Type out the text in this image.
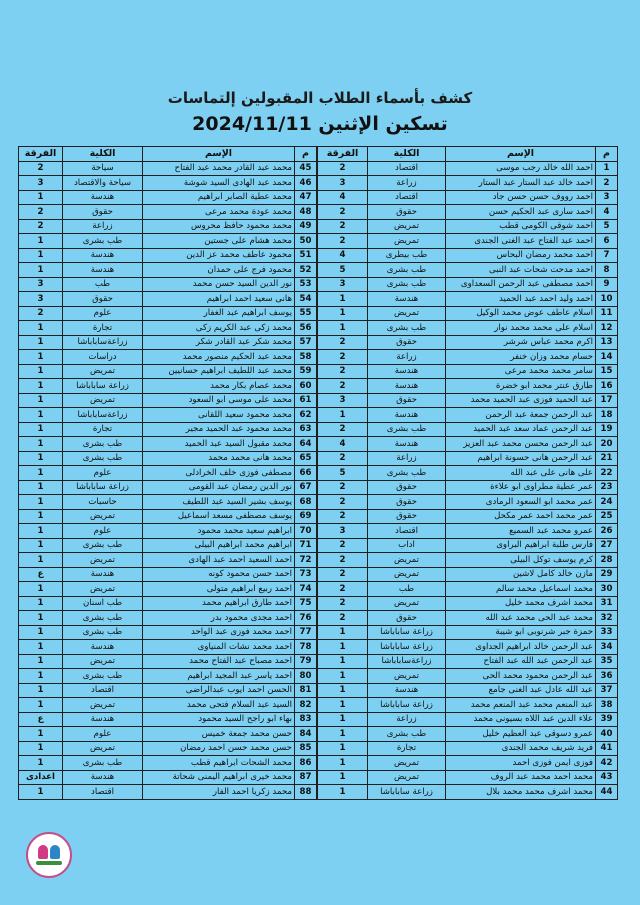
كشف بأسماء الطلاب المقبولين إلتماسات
تسكين الإثنين 2024/11/11
م	الإسم	الكلية	الفرقة
1	احمد الله خالد رجب موسى	اقتصاد	2
2	احمد خالد عبد الستار عبد الستار	زراعة	3
3	احمد رووف حسن حسن جاد	اقتصاد	4
4	احمد سارى عبد الحكيم حسن	حقوق	2
5	احمد شوقى الكومى قطب	تمريض	2
6	احمد عبد الفتاح عبد الغنى الجندى	تمريض	2
7	احمد محمد رمضان البحاس	طب بيطرى	4
8	احمد مدحت شحات عبد النبى	طب بشرى	5
9	احمد مصطفى عبد الرحمن السعداوى	طب بشرى	3
10	احمد وليد احمد عبد الحميد	هندسة	1
11	اسلام عاطف عوض محمد الوكيل	تمريض	1
12	اسلام على محمد محمد نوار	طب بشرى	1
13	اكرم محمد عباس شرشر	حقوق	2
14	حسام محمد وزان خنفر	زراعة	2
15	سامر محمد محمد مرعى	هندسة	2
16	طارق عنتر محمد ابو خضرة	هندسة	2
17	عبد الحميد فوزى عبد الحميد محمد	حقوق	3
18	عبد الرحمن جمعة عبد الرحمن	هندسة	1
19	عبد الرحمن عماد سعد عبد الحميد	طب بشرى	2
20	عبد الرحمن محسن محمد عبد العزيز	هندسة	4
21	عبد الرحمن هانى حسونة ابراهيم	زراعة	2
22	على هانى على عبد الله	طب بشرى	5
23	عمر عطية مطراوى ابو علاءة	حقوق	2
24	عمر محمد ابو السعود الرمادى	حقوق	2
25	عمر محمد احمد عمر مكحل	حقوق	2
26	عمرو محمد عبد السميع	اقتصاد	3
27	فارس طلبة ابراهيم البراوى	اداب	2
28	كرم يوسف توكل البيلى	تمريض	2
29	مازن خالد كامل لاشين	تمريض	2
30	محمد اسماعيل محمد سالم	طب	2
31	محمد اشرف محمد خليل	تمريض	2
32	محمد عبد الحى محمد عبد الله	حقوق	2
33	حمزة جبر شرنوبى ابو شيبة	زراعة ساباباشا	1
34	عبد الرحمن خالد ابراهيم الجداوى	زراعة ساباباشا	1
35	عبد الرحمن عبد الله عبد الفتاح	زراعةساباباشا	1
36	عبد الرحمن محمود محمد الحى	تمريض	1
37	عبد الله عادل عبد الغنى جامع	هندسة	1
38	عبد المنعم محمد عبد المنعم محمد	زراعة ساباباشا	1
39	علاء الدين عبد اللاه بسيونى محمد	زراعة	1
40	عمرو دسوقى عبد العظيم خليل	طب بشرى	1
41	فريد شريف محمد الجندى	تجارة	1
42	فوزى ايمن فوزى احمد	تمريض	1
43	محمد احمد محمد عبد الروف	تمريض	1
44	محمد اشرف محمد محمد بلال	زراعة ساباباشا	1
م	الإسم	الكلية	الفرقة
45	محمد عبد القادر محمد عبد الفتاح	سياحة	2
46	محمد عبد الهادى السيد شوشة	سياحة والاقتصاد	3
47	محمد عطية الصابر ابراهيم	هندسة	1
48	محمد عودة محمد مرعى	حقوق	2
49	محمد محمود حافظ محروس	زراعة	2
50	محمد هشام على جستين	طب بشرى	1
51	محمود عاطف محمد عز الدين	هندسة	1
52	محمود فرج على حمدان	هندسة	1
53	نور الدين السيد حسن محمد	طب	3
54	هانى سعيد احمد ابراهيم	حقوق	3
55	يوسف ابراهيم عبد الغفار	علوم	2
56	محمد زكى عبد الكريم زكى	تجارة	1
57	محمد شكر عبد القادر شكر	زراعةساباباشا	1
58	محمد عبد الحكيم منصور محمد	دراسات	1
59	محمد عبد اللطيف ابراهيم حسانيين	تمريض	1
60	محمد عصام بكار محمد	زراعة ساباباشا	1
61	محمد على موسى ابو السعود	تمريض	1
62	محمد محمود سعيد اللقانى	زراعةساباباشا	1
63	محمد محمود عبد الحميد مجير	تجارة	1
64	محمد مقبول السيد عبد الحميد	طب بشرى	1
65	محمد هانى محمد محمد	طب بشرى	1
66	مصطفى فوزى خلف الخرادلى	علوم	1
67	نور الدين رمضان عبد القومى	زراعة ساباباشا	1
68	يوسف بشير السيد عبد اللطيف	حاسبات	1
69	يوسف مصطفى مسعد اسماعيل	تمريض	1
70	ابراهيم سعيد محمد محمود	علوم	1
71	ابراهيم محمد ابراهيم البيلى	طب بشرى	1
72	احمد السعيد احمد عبد الهادى	تمريض	1
73	احمد حسن محمود كونه	هندسة	ع
74	احمد ربيع ابراهيم متولى	تمريض	1
75	احمد طارق ابراهيم محمد	طب اسنان	1
76	احمد مجدى محمود بدر	طب بشرى	1
77	احمد محمد فوزى عبد الواحد	طب بشرى	1
78	احمد محمد نشات المنياوى	هندسة	1
79	احمد مصباح عبد الفتاح محمد	تمريض	1
80	احمد ياسر عبد المجيد ابراهيم	طب بشرى	1
81	الحسن احمد ايوب عبدالراضى	اقتصاد	1
82	السيد عبد السلام فتحى محمد	تمريض	1
83	بهاء ابو راجح السيد محمود	هندسة	ع
84	حسن محمد جمعة خميس	علوم	1
85	حسن محمد حسن احمد رمضان	تمريض	1
86	محمد الشحات ابراهيم قطب	طب بشرى	1
87	محمد خيرى ابراهيم اليمنى شحاتة	هندسة	اعدادى
88	محمد زكريا احمد الفار	اقتصاد	1
